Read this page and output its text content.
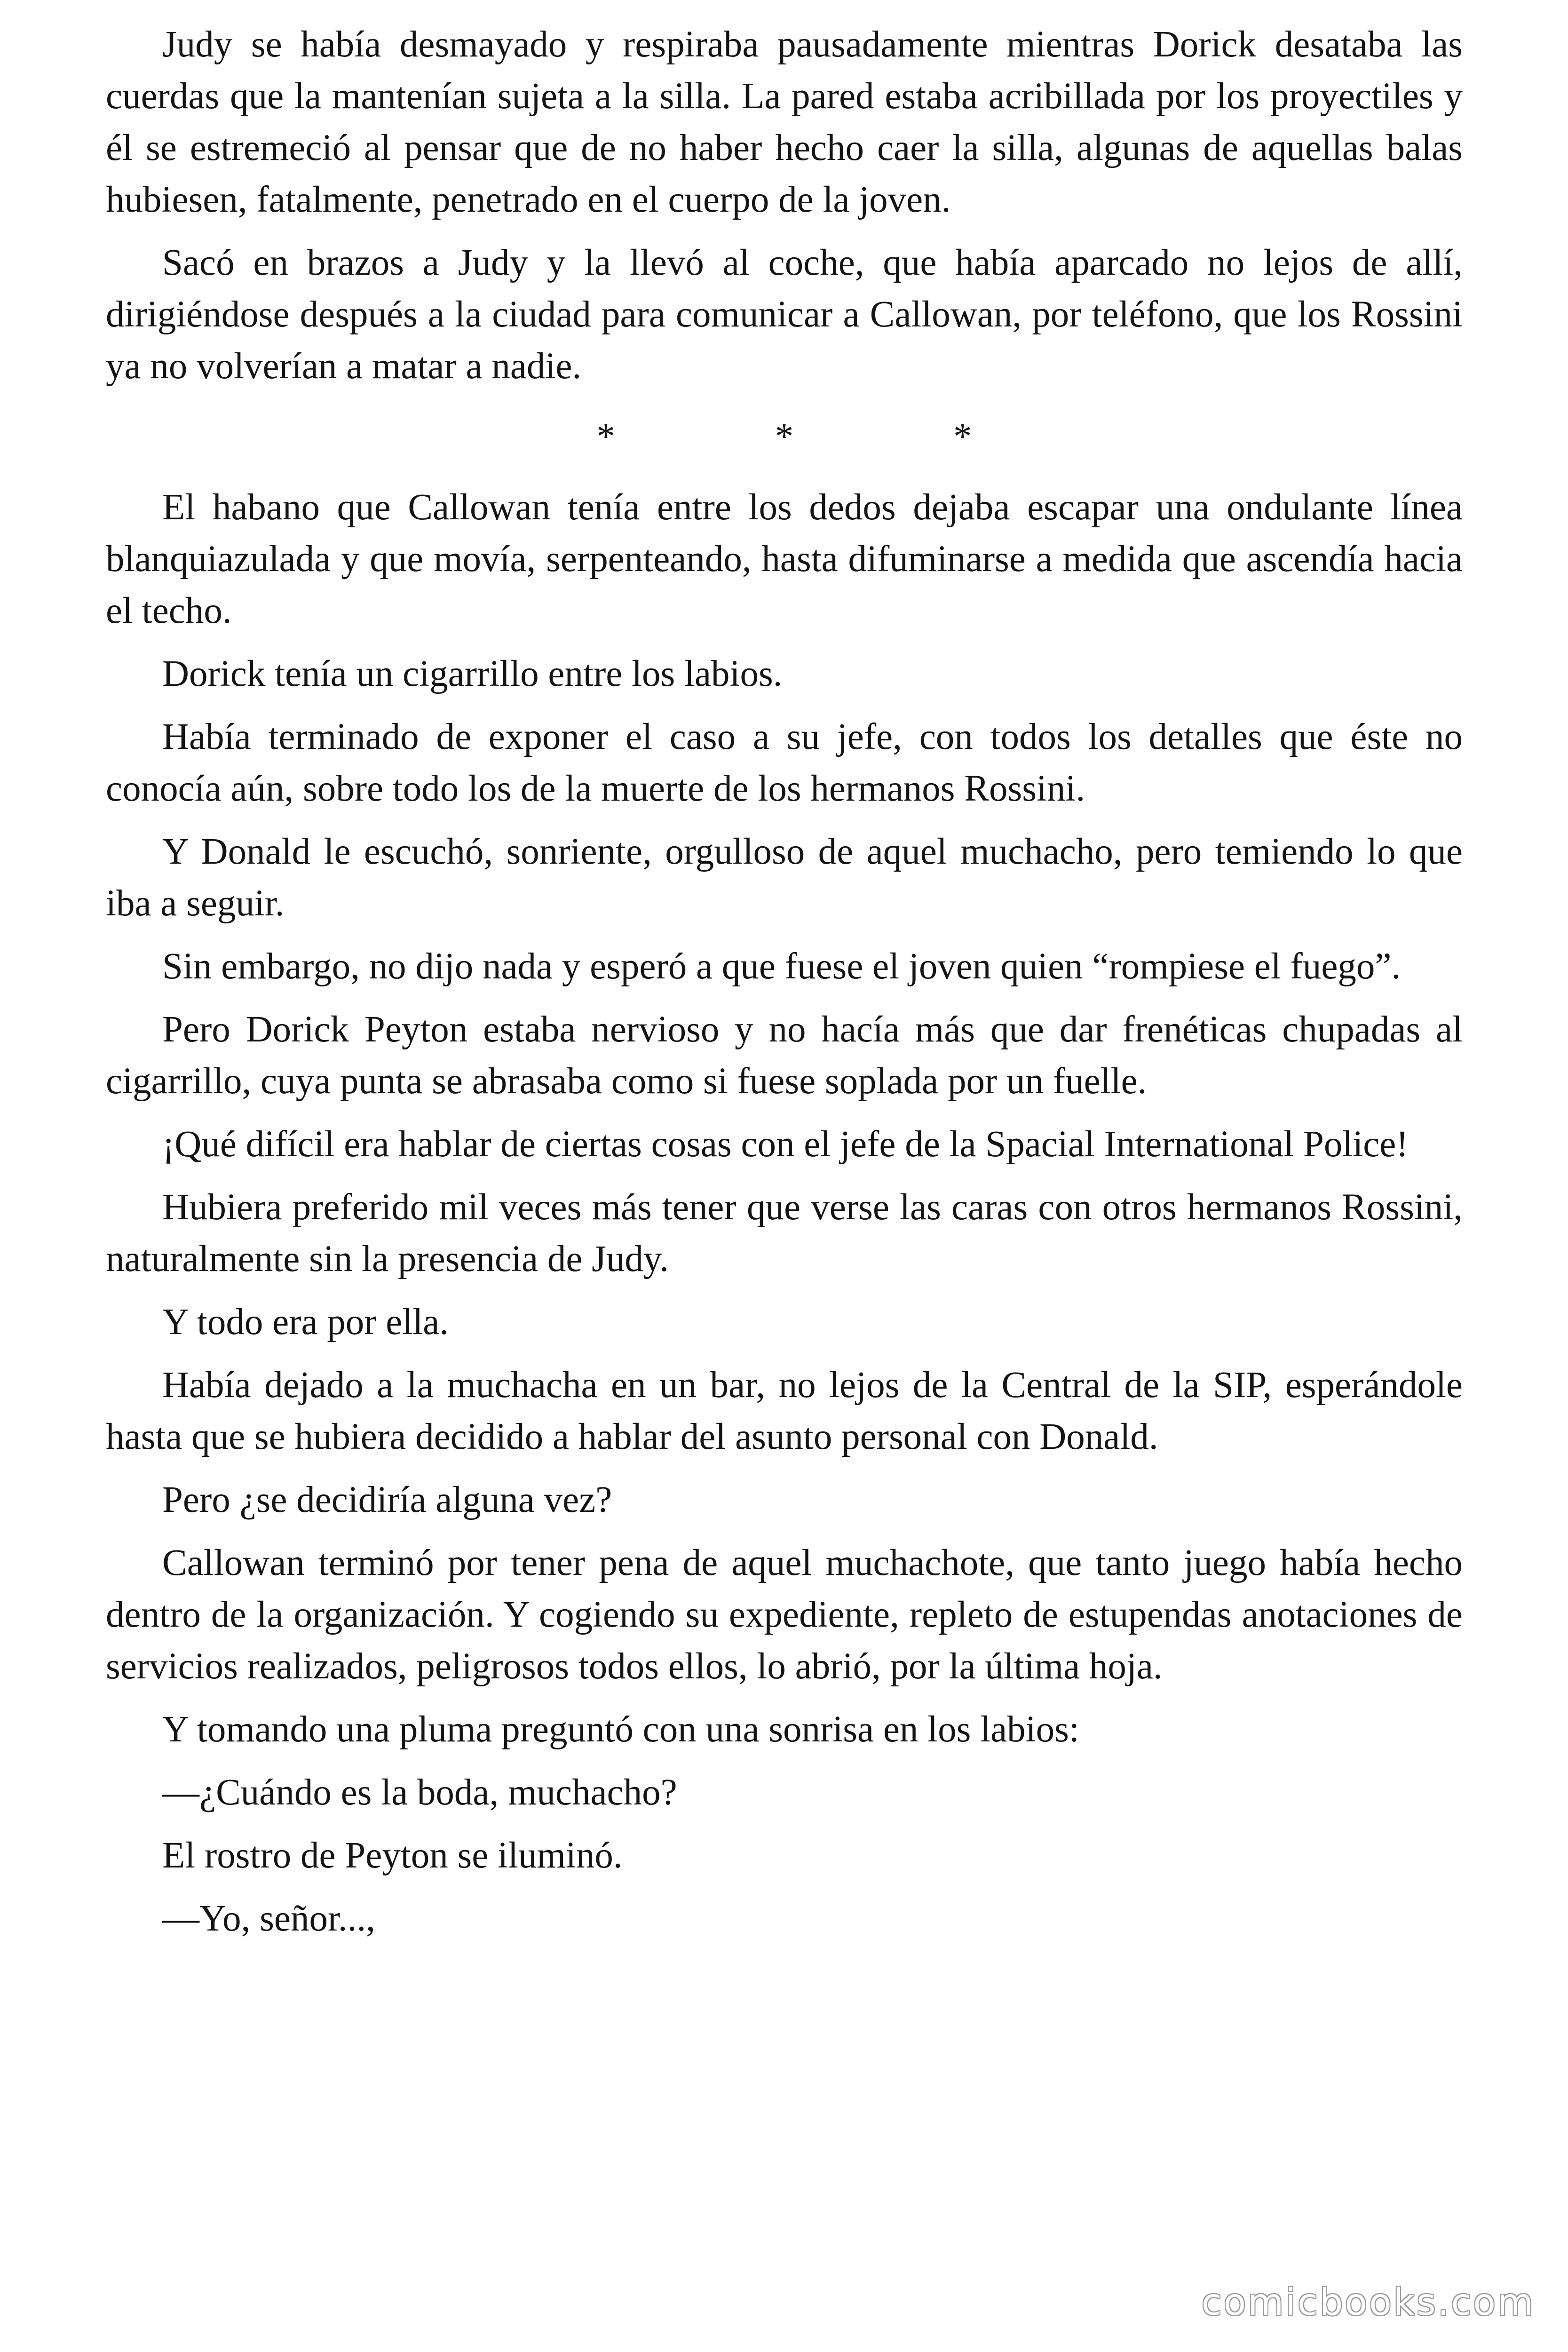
Judy se había desmayado y respiraba pausadamente mientras Dorick desataba las cuerdas que la mantenían sujeta a la silla. La pared estaba acribillada por los proyectiles y él se estremeció al pensar que de no haber hecho caer la silla, algunas de aquellas balas hubiesen, fatalmente, penetrado en el cuerpo de la joven.

Sacó en brazos a Judy y la llevó al coche, que había aparcado no lejos de allí, dirigiéndose después a la ciudad para comunicar a Callowan, por teléfono, que los Rossini ya no volverían a matar a nadie.

* * *

El habano que Callowan tenía entre los dedos dejaba escapar una ondulante línea blanquiazulada y que movía, serpenteando, hasta difuminarse a medida que ascendía hacia el techo.

Dorick tenía un cigarrillo entre los labios.

Había terminado de exponer el caso a su jefe, con todos los detalles que éste no conocía aún, sobre todo los de la muerte de los hermanos Rossini.

Y Donald le escuchó, sonriente, orgulloso de aquel muchacho, pero temiendo lo que iba a seguir.

Sin embargo, no dijo nada y esperó a que fuese el joven quien “rompiese el fuego”.

Pero Dorick Peyton estaba nervioso y no hacía más que dar frenéticas chupadas al cigarrillo, cuya punta se abrasaba como si fuese soplada por un fuelle.

¡Qué difícil era hablar de ciertas cosas con el jefe de la Spacial International Police!

Hubiera preferido mil veces más tener que verse las caras con otros hermanos Rossini, naturalmente sin la presencia de Judy.

Y todo era por ella.

Había dejado a la muchacha en un bar, no lejos de la Central de la SIP, esperándole hasta que se hubiera decidido a hablar del asunto personal con Donald.

Pero ¿se decidiría alguna vez?

Callowan terminó por tener pena de aquel muchachote, que tanto juego había hecho dentro de la organización. Y cogiendo su expediente, repleto de estupendas anotaciones de servicios realizados, peligrosos todos ellos, lo abrió, por la última hoja.

Y tomando una pluma preguntó con una sonrisa en los labios:

—¿Cuándo es la boda, muchacho?

El rostro de Peyton se iluminó.

—Yo, señor...,

comicbooks.com
